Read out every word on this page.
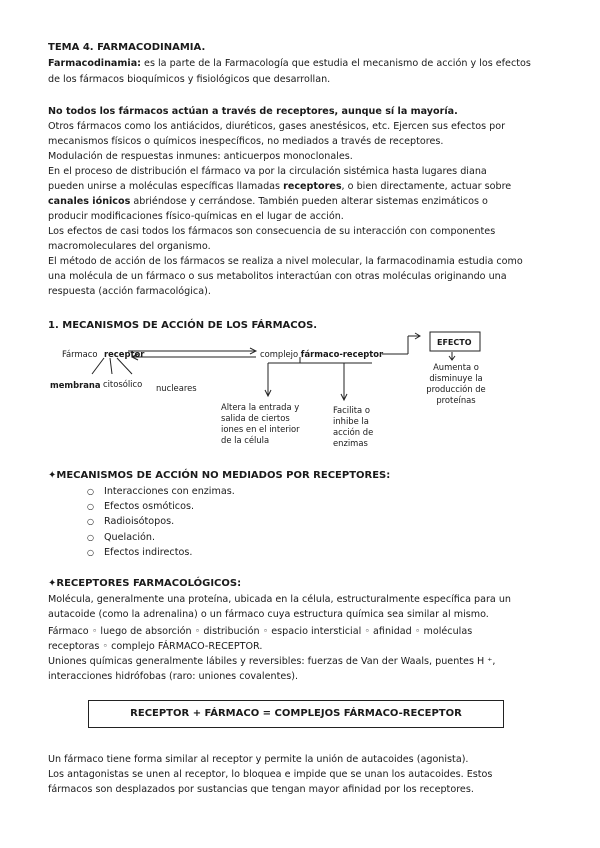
TEMA 4. FARMACODINAMIA.
Farmacodinamia: es la parte de la Farmacología que estudia el mecanismo de acción y los efectos
de los fármacos bioquímicos y fisiológicos que desarrollan.
No todos los fármacos actúan a través de receptores, aunque sí la mayoría.
Otros fármacos como los antiácidos, diuréticos, gases anestésicos, etc. Ejercen sus efectos por
mecanismos físicos o químicos inespecíficos, no mediados a través de receptores.
Modulación de respuestas inmunes: anticuerpos monoclonales.
En el proceso de distribución el fármaco va por la circulación sistémica hasta lugares diana
pueden unirse a moléculas específicas llamadas receptores, o bien directamente, actuar sobre
canales iónicos abriéndose y cerrándose. También pueden alterar sistemas enzimáticos o
producir modificaciones físico-químicas en el lugar de acción.
Los efectos de casi todos los fármacos son consecuencia de su interacción con componentes
macromoleculares del organismo.
El método de acción de los fármacos se realiza a nivel molecular, la farmacodinamia estudia como
una molécula de un fármaco o sus metabolitos interactúan con otras moléculas originando una
respuesta (acción farmacológica).
1. MECANISMOS DE ACCIÓN DE LOS FÁRMACOS.
Fármaco receptor
membrana citosólico nucleares
complejo fármaco-receptor
EFECTO
Aumenta o
disminuye la
producción de
proteínas
Altera la entrada y
salida de ciertos
iones en el interior
de la célula
Facilita o
inhibe la
acción de
enzimas
✦MECANISMOS DE ACCIÓN NO MEDIADOS POR RECEPTORES:
○ Interacciones con enzimas.
○ Efectos osmóticos.
○ Radioisótopos.
○ Quelación.
○ Efectos indirectos.
✦RECEPTORES FARMACOLÓGICOS:
Molécula, generalmente una proteína, ubicada en la célula, estructuralmente específica para un
autacoide (como la adrenalina) o un fármaco cuya estructura química sea similar al mismo.
Fármaco ◦ luego de absorción ◦ distribución ◦ espacio intersticial ◦ afinidad ◦ moléculas
receptoras ◦ complejo FÁRMACO-RECEPTOR.
Uniones químicas generalmente lábiles y reversibles: fuerzas de Van der Waals, puentes H ⁺,
interacciones hidrófobas (raro: uniones covalentes).
RECEPTOR + FÁRMACO = COMPLEJOS FÁRMACO-RECEPTOR
Un fármaco tiene forma similar al receptor y permite la unión de autacoides (agonista).
Los antagonistas se unen al receptor, lo bloquea e impide que se unan los autacoides. Estos
fármacos son desplazados por sustancias que tengan mayor afinidad por los receptores.
